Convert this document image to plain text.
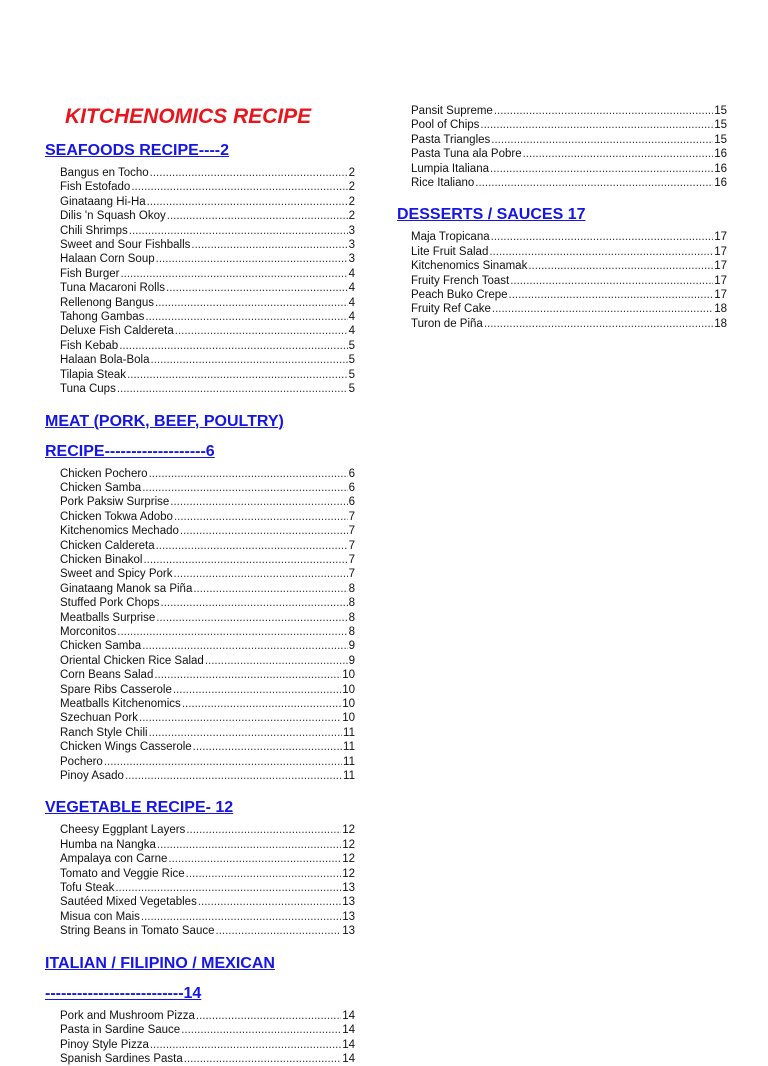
KITCHENOMICS RECIPE
SEAFOODS RECIPE----2
Bangus en Tocho .....	2
Fish Estofado .....	2
Ginataang Hi-Ha .....	2
Dilis 'n Squash Okoy .....	2
Chili Shrimps .....	3
Sweet and Sour Fishballs .....	3
Halaan Corn Soup .....	3
Fish Burger .....	4
Tuna Macaroni Rolls .....	4
Rellenong Bangus .....	4
Tahong Gambas .....	4
Deluxe Fish Caldereta .....	4
Fish Kebab .....	5
Halaan Bola-Bola .....	5
Tilapia Steak .....	5
Tuna Cups .....	5
MEAT (PORK, BEEF, POULTRY)
RECIPE-------------------6
Chicken Pochero .....	6
Chicken Samba .....	6
Pork Paksiw Surprise .....	6
Chicken Tokwa Adobo .....	7
Kitchenomics Mechado .....	7
Chicken Caldereta .....	7
Chicken Binakol .....	7
Sweet and Spicy Pork .....	7
Ginataang Manok sa Piña .....	8
Stuffed Pork Chops .....	8
Meatballs Surprise .....	8
Morconitos .....	8
Chicken Samba .....	9
Oriental Chicken Rice Salad .....	9
Corn Beans Salad .....	10
Spare Ribs Casserole .....	10
Meatballs Kitchenomics .....	10
Szechuan Pork .....	10
Ranch Style Chili .....	11
Chicken Wings Casserole .....	11
Pochero .....	11
Pinoy Asado .....	11
VEGETABLE RECIPE- 12
Cheesy Eggplant Layers .....	12
Humba na Nangka .....	12
Ampalaya con Carne .....	12
Tomato and Veggie Rice .....	12
Tofu Steak .....	13
Sautéed Mixed Vegetables .....	13
Misua con Mais .....	13
String Beans in Tomato Sauce .....	13
ITALIAN / FILIPINO / MEXICAN
--------------------------14
Pork and Mushroom Pizza .....	14
Pasta in Sardine Sauce .....	14
Pinoy Style Pizza .....	14
Spanish Sardines Pasta .....	14
Pansit Supreme .....	15
Pool of Chips .....	15
Pasta Triangles .....	15
Pasta Tuna ala Pobre .....	16
Lumpia Italiana .....	16
Rice Italiano .....	16
DESSERTS / SAUCES 17
Maja Tropicana .....	17
Lite Fruit Salad .....	17
Kitchenomics Sinamak .....	17
Fruity French Toast .....	17
Peach Buko Crepe .....	17
Fruity Ref Cake .....	18
Turon de Piña .....	18
